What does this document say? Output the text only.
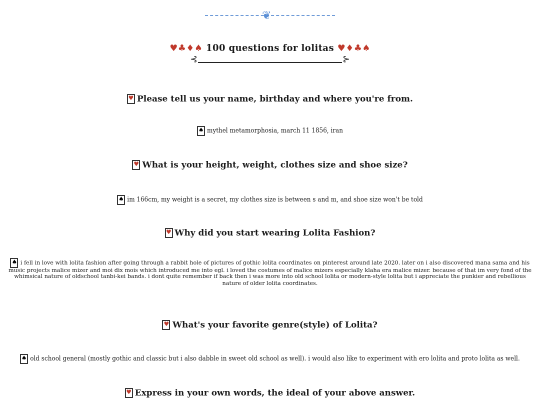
❦
♥♣♦♠ 100 questions for lolitas ♥♦♣♠
⊰	⊱
♥ Please tell us your name, birthday and where you're from.
♠ mythel metamorphosia, march 11 1856, iran
♥ What is your height, weight, clothes size and shoe size?
♠ im 166cm, my weight is a secret, my clothes size is between s and m, and shoe size won't be told
♥ Why did you start wearing Lolita Fashion?
♠ i fell in love with lolita fashion after going through a rabbit hole of pictures of gothic lolita coordinates on pinterest around late 2020. later on i also discovered mana sama and his music projects malice mizer and moi dix mois which introduced me into egl. i loved the costumes of malice mizers especially klaha era malice mizer. because of that im very fond of the whimsical nature of oldschool tanbi-kei bands. i dont quite remember if back then i was more into old school lolita or modern-style lolita but i appreciate the punkier and rebellious nature of older lolita coordinates.
♥ What's your favorite genre(style) of Lolita?
♠ old school general (mostly gothic and classic but i also dabble in sweet old school as well). i would also like to experiment with ero lolita and proto lolita as well.
♥ Express in your own words, the ideal of your above answer.
